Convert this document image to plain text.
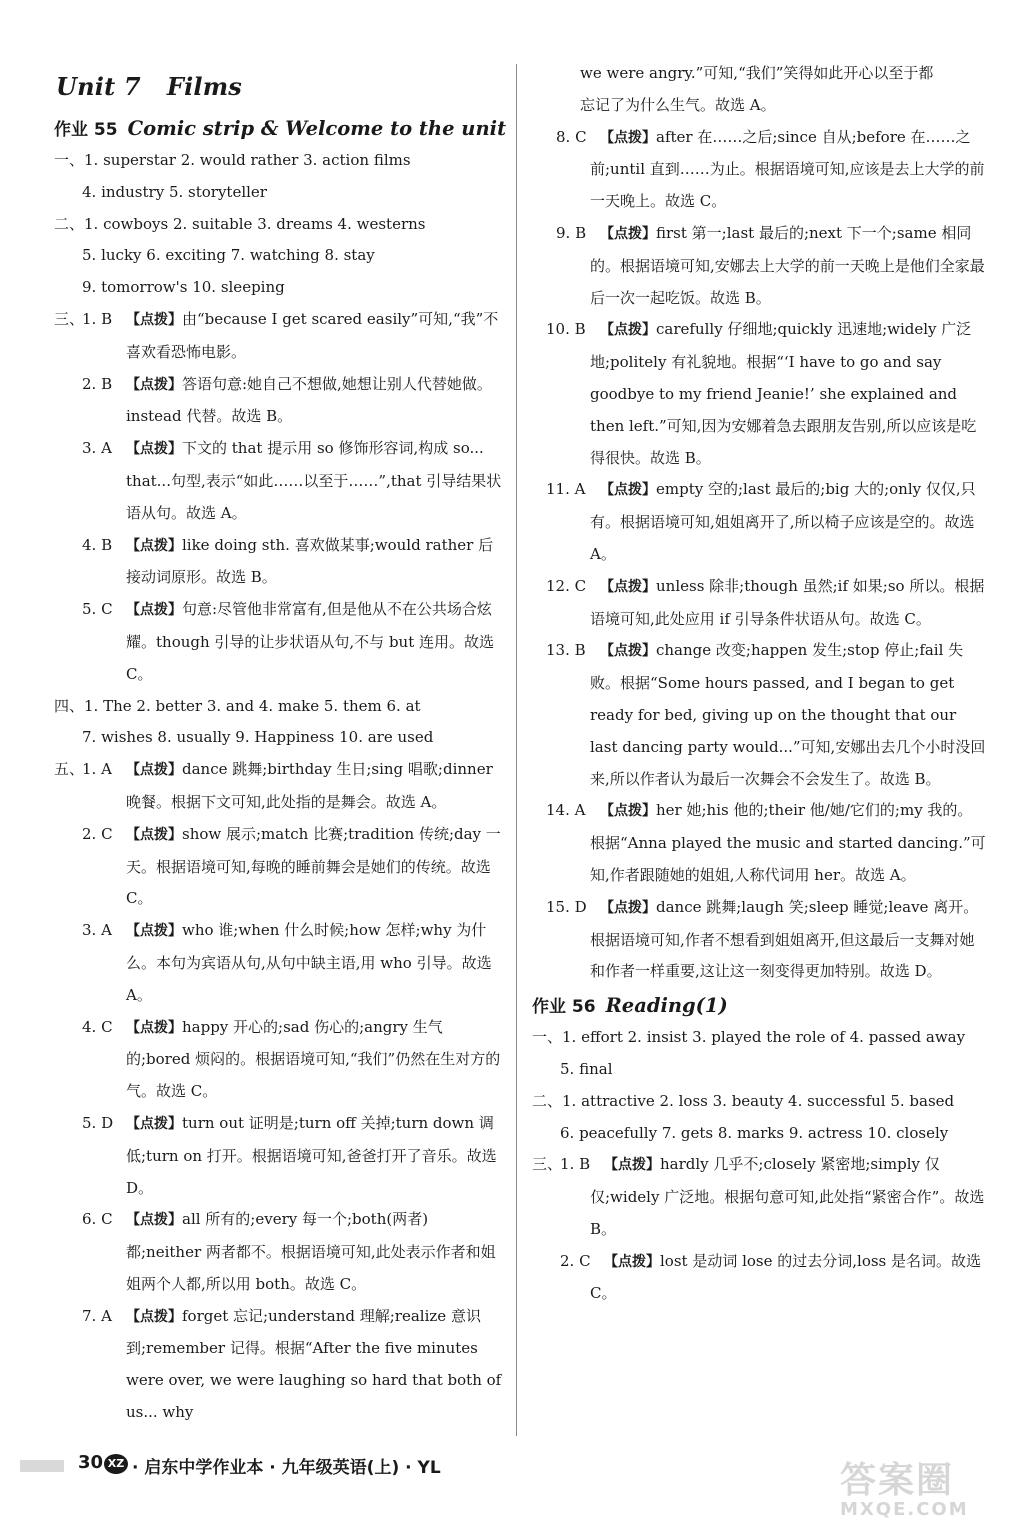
Unit 7 Films
作业 55 Comic strip & Welcome to the unit
一、1. superstar 2. would rather 3. action films
4. industry 5. storyteller
二、1. cowboys 2. suitable 3. dreams 4. westerns
5. lucky 6. exciting 7. watching 8. stay
9. tomorrow's 10. sleeping
三、1. B 【点拨】由“because I get scared easily”可知,“我”不喜欢看恐怖电影。
2. B 【点拨】答语句意:她自己不想做,她想让别人代替她做。instead 代替。故选 B。
3. A 【点拨】下文的 that 提示用 so 修饰形容词,构成 so... that...句型,表示“如此……以至于……”,that 引导结果状语从句。故选 A。
4. B 【点拨】like doing sth. 喜欢做某事;would rather 后接动词原形。故选 B。
5. C 【点拨】句意:尽管他非常富有,但是他从不在公共场合炫耀。though 引导的让步状语从句,不与 but 连用。故选 C。
四、1. The 2. better 3. and 4. make 5. them 6. at
7. wishes 8. usually 9. Happiness 10. are used
五、1. A 【点拨】dance 跳舞;birthday 生日;sing 唱歌;dinner 晚餐。根据下文可知,此处指的是舞会。故选 A。
2. C 【点拨】show 展示;match 比赛;tradition 传统;day 一天。根据语境可知,每晚的睡前舞会是她们的传统。故选 C。
3. A 【点拨】who 谁;when 什么时候;how 怎样;why 为什么。本句为宾语从句,从句中缺主语,用 who 引导。故选 A。
4. C 【点拨】happy 开心的;sad 伤心的;angry 生气的;bored 烦闷的。根据语境可知,“我们”仍然在生对方的气。故选 C。
5. D 【点拨】turn out 证明是;turn off 关掉;turn down 调低;turn on 打开。根据语境可知,爸爸打开了音乐。故选 D。
6. C 【点拨】all 所有的;every 每一个;both(两者)都;neither 两者都不。根据语境可知,此处表示作者和姐姐两个人都,所以用 both。故选 C。
7. A 【点拨】forget 忘记;understand 理解;realize 意识到;remember 记得。根据“After the five minutes were over, we were laughing so hard that both of us... why
we were angry.”可知,“我们”笑得如此开心以至于都
忘记了为什么生气。故选 A。
8. C 【点拨】after 在……之后;since 自从;before 在……之前;until 直到……为止。根据语境可知,应该是去上大学的前一天晚上。故选 C。
9. B 【点拨】first 第一;last 最后的;next 下一个;same 相同的。根据语境可知,安娜去上大学的前一天晚上是他们全家最后一次一起吃饭。故选 B。
10. B 【点拨】carefully 仔细地;quickly 迅速地;widely 广泛地;politely 有礼貌地。根据“‘I have to go and say goodbye to my friend Jeanie!’ she explained and then left.”可知,因为安娜着急去跟朋友告别,所以应该是吃得很快。故选 B。
11. A 【点拨】empty 空的;last 最后的;big 大的;only 仅仅,只有。根据语境可知,姐姐离开了,所以椅子应该是空的。故选 A。
12. C 【点拨】unless 除非;though 虽然;if 如果;so 所以。根据语境可知,此处应用 if 引导条件状语从句。故选 C。
13. B 【点拨】change 改变;happen 发生;stop 停止;fail 失败。根据“Some hours passed, and I began to get ready for bed, giving up on the thought that our last dancing party would...”可知,安娜出去几个小时没回来,所以作者认为最后一次舞会不会发生了。故选 B。
14. A 【点拨】her 她;his 他的;their 他/她/它们的;my 我的。根据“Anna played the music and started dancing.”可知,作者跟随她的姐姐,人称代词用 her。故选 A。
15. D 【点拨】dance 跳舞;laugh 笑;sleep 睡觉;leave 离开。根据语境可知,作者不想看到姐姐离开,但这最后一支舞对她和作者一样重要,这让这一刻变得更加特别。故选 D。
作业 56 Reading(1)
一、1. effort 2. insist 3. played the role of 4. passed away
5. final
二、1. attractive 2. loss 3. beauty 4. successful 5. based
6. peacefully 7. gets 8. marks 9. actress 10. closely
三、1. B 【点拨】hardly 几乎不;closely 紧密地;simply 仅仅;widely 广泛地。根据句意可知,此处指“紧密合作”。故选 B。
2. C 【点拨】lost 是动词 lose 的过去分词,loss 是名词。故选 C。
30 XZ · 启东中学作业本 · 九年级英语(上) · YL	答案圈
MXQE.COM
